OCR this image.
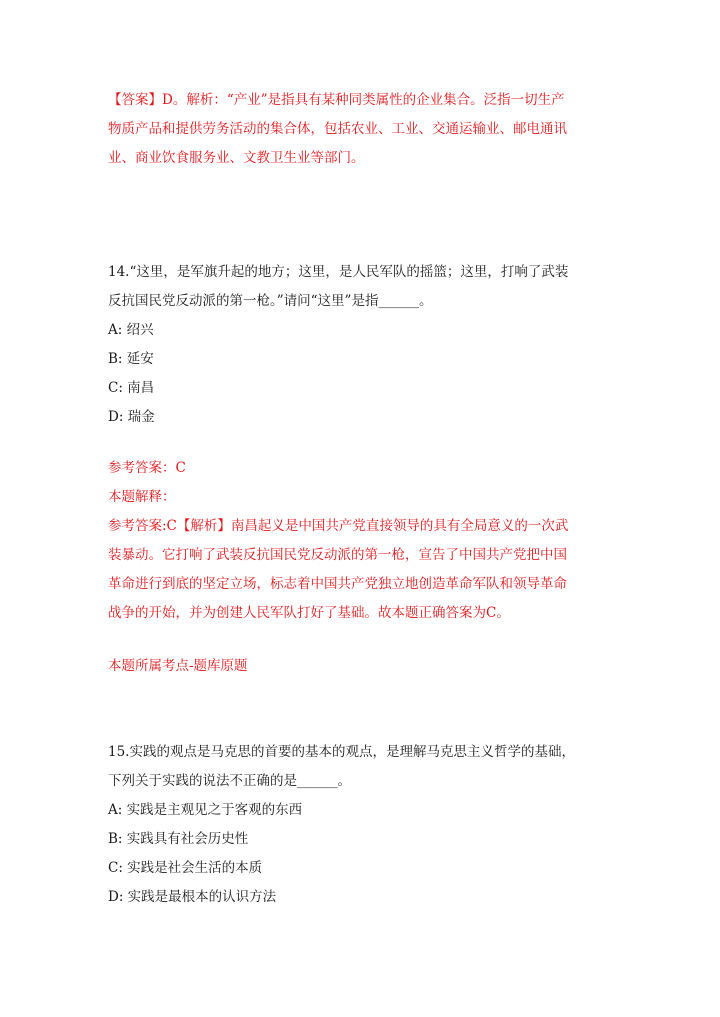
【答案】D。解析：“产业”是指具有某种同类属性的企业集合。泛指一切生产
物质产品和提供劳务活动的集合体，包括农业、工业、交通运输业、邮电通讯
业、商业饮食服务业、文教卫生业等部门。
14.“这里，是军旗升起的地方；这里，是人民军队的摇篮；这里，打响了武装
反抗国民党反动派的第一枪。”请问“这里”是指______。
A: 绍兴
B: 延安
C: 南昌
D: 瑞金
参考答案：C
本题解释：
参考答案:C【解析】南昌起义是中国共产党直接领导的具有全局意义的一次武
装暴动。它打响了武装反抗国民党反动派的第一枪，宣告了中国共产党把中国
革命进行到底的坚定立场，标志着中国共产党独立地创造革命军队和领导革命
战争的开始，并为创建人民军队打好了基础。故本题正确答案为C。
本题所属考点-题库原题
15.实践的观点是马克思的首要的基本的观点，是理解马克思主义哲学的基础，
下列关于实践的说法不正确的是______。
A: 实践是主观见之于客观的东西
B: 实践具有社会历史性
C: 实践是社会生活的本质
D: 实践是最根本的认识方法
